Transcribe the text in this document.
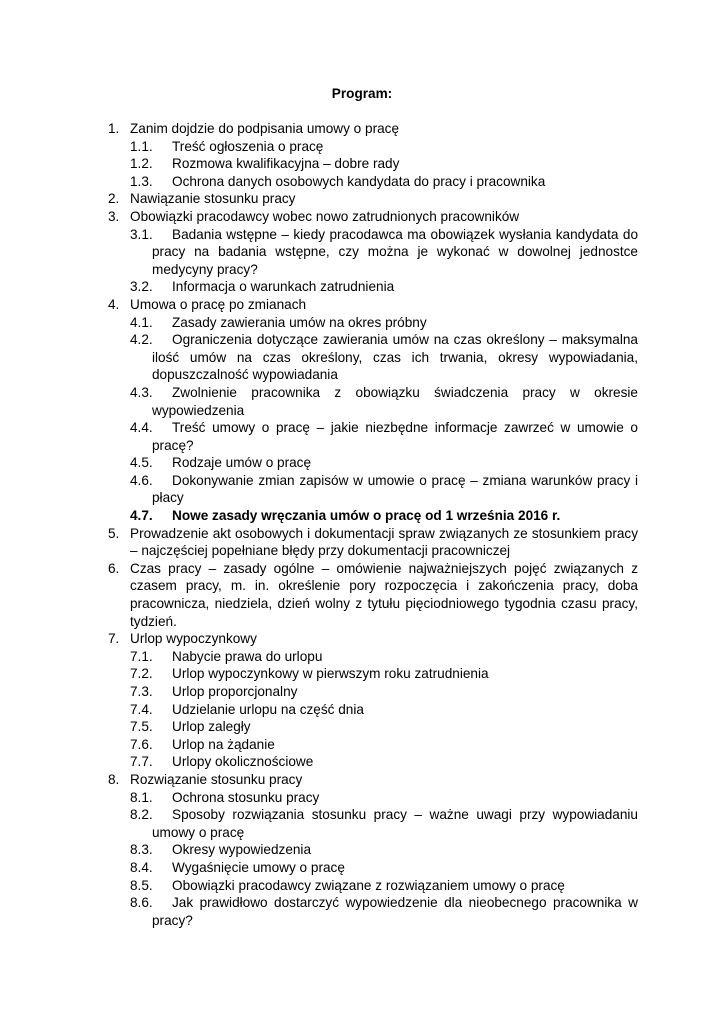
Program:
1. Zanim dojdzie do podpisania umowy o pracę
1.1.	Treść ogłoszenia o pracę
1.2.	Rozmowa kwalifikacyjna – dobre rady
1.3.	Ochrona danych osobowych kandydata do pracy i pracownika
2. Nawiązanie stosunku pracy
3. Obowiązki pracodawcy wobec nowo zatrudnionych pracowników
3.1.	Badania wstępne – kiedy pracodawca ma obowiązek wysłania kandydata do pracy na badania wstępne, czy można je wykonać w dowolnej jednostce medycyny pracy?
3.2.	Informacja o warunkach zatrudnienia
4. Umowa o pracę po zmianach
4.1.	Zasady zawierania umów na okres próbny
4.2.	Ograniczenia dotyczące zawierania umów na czas określony – maksymalna ilość umów na czas określony, czas ich trwania, okresy wypowiadania, dopuszczalność wypowiadania
4.3.	Zwolnienie pracownika z obowiązku świadczenia pracy w okresie wypowiedzenia
4.4.	Treść umowy o pracę – jakie niezbędne informacje zawrzeć w umowie o pracę?
4.5.	Rodzaje umów o pracę
4.6.	Dokonywanie zmian zapisów w umowie o pracę – zmiana warunków pracy i płacy
4.7.	Nowe zasady wręczania umów o pracę od 1 września 2016 r.
5. Prowadzenie akt osobowych i dokumentacji spraw związanych ze stosunkiem pracy – najczęściej popełniane błędy przy dokumentacji pracowniczej
6. Czas pracy – zasady ogólne – omówienie najważniejszych pojęć związanych z czasem pracy, m. in. określenie pory rozpoczęcia i zakończenia pracy, doba pracownicza, niedziela, dzień wolny z tytułu pięciodniowego tygodnia czasu pracy, tydzień.
7. Urlop wypoczynkowy
7.1.	Nabycie prawa do urlopu
7.2.	Urlop wypoczynkowy w pierwszym roku zatrudnienia
7.3.	Urlop proporcjonalny
7.4.	Udzielanie urlopu na część dnia
7.5.	Urlop zaległy
7.6.	Urlop na żądanie
7.7.	Urlopy okolicznościowe
8. Rozwiązanie stosunku pracy
8.1.	Ochrona stosunku pracy
8.2.	Sposoby rozwiązania stosunku pracy – ważne uwagi przy wypowiadaniu umowy o pracę
8.3.	Okresy wypowiedzenia
8.4.	Wygaśnięcie umowy o pracę
8.5.	Obowiązki pracodawcy związane z rozwiązaniem umowy o pracę
8.6.	Jak prawidłowo dostarczyć wypowiedzenie dla nieobecnego pracownika w pracy?
